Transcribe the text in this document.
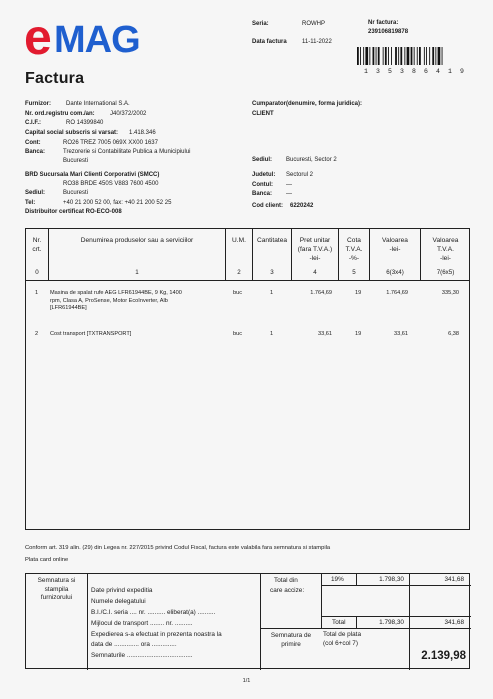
e MAG
Factura
Seria:	ROWHP
Data factura	11-11-2022
Nr factura:
239106819878
1 3 5 3 8 6 4 1 9
Furnizor:	Dante International S.A.
Nr. ord.registru com./an:	J40/372/2002
C.I.F.:	RO 14399840
Capital social subscris si varsat: 1.418.346
Cont:	RO26 TREZ 7005 069X XX00 1637
Banca:	Trezorerie si Contabilitate Publica a Municipiului
Bucuresti
BRD Sucursala Mari Clienti Corporativi (SMCC)
RO38 BRDE 450S V883 7600 4500
Sediul:	Bucuresti
Tel:	+40 21 200 52 00, fax: +40 21 200 52 25
Distribuitor certificat RO-ECO-008
Cumparator(denumire, forma juridica):
CLIENT
Sediul: Bucuresti, Sector 2
Judetul: Sectorul 2
Contul: —
Banca: —
Cod client: 6220242
Nr.
crt.
0
Denumirea produselor sau a serviciilor
1
U.M.
2
Cantitatea
3
Pret unitar
(fara T.V.A.)
-lei-
4
Cota
T.V.A.
-%-
5
Valoarea
-lei-
6(3x4)
Valoarea
T.V.A.
-lei-
7(6x5)
1 Masina de spalat rufe AEG LFR61944BE, 9 Kg, 1400
rpm, Clasa A, ProSense, Motor EcoInverter, Alb
[LFR61944BE]
buc	1	1.764,69	19	1.764,69	335,30
2 Cost transport [TXTRANSPORT]	buc	1	33,61	19	33,61	6,38
Conform art. 319 alin. (29) din Legea nr. 227/2015 privind Codul Fiscal, factura este valabila fara semnatura si stampila
Plata card online
Semnatura si
stampila
furnizorului
Date privind expeditia
Numele delegatului
B.I./C.I. seria .... nr. .......... eliberat(a) ..........
Mijlocul de transport ........ nr. ..........
Expedierea s-a efectuat in prezenta noastra la
data de .............. ora ..............
Semnaturile .....................................
Total din
care accize:
19%	1.798,30	341,68
Total	1.798,30	341,68
Semnatura de
primire
Total de plata
(col 6+col 7)
2.139,98
1/1
